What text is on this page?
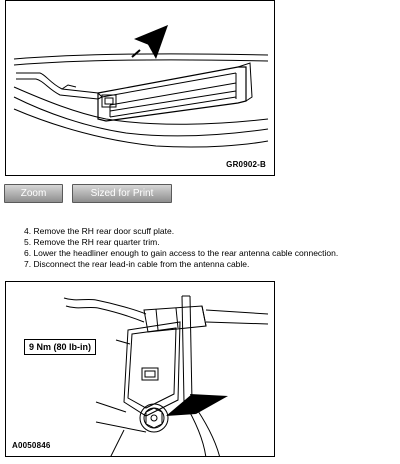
GR0902-B
Zoom	Sized for Print
4. Remove the RH rear door scuff plate.
5. Remove the RH rear quarter trim.
6. Lower the headliner enough to gain access to the rear antenna cable connection.
7. Disconnect the rear lead-in cable from the antenna cable.
9 Nm (80 lb-in)
A0050846
